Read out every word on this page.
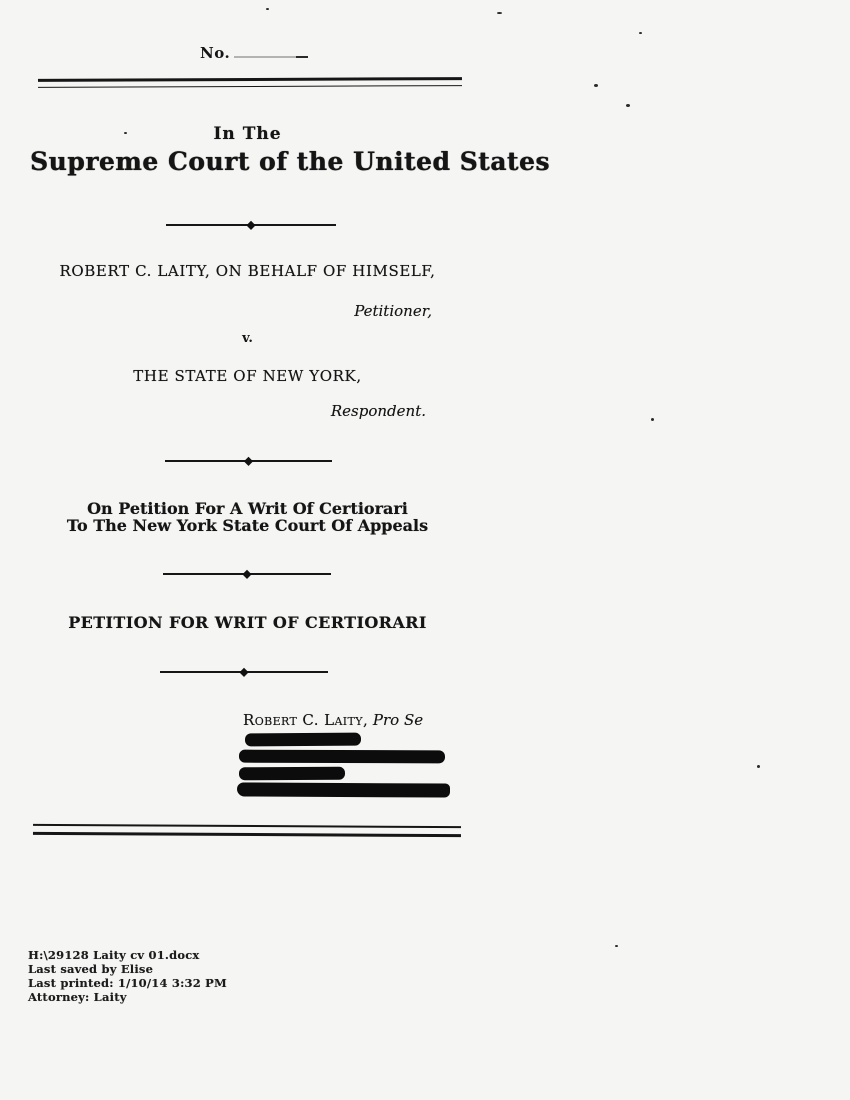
No.
In The
Supreme Court of the United States
◆
ROBERT C. LAITY, ON BEHALF OF HIMSELF,
Petitioner,
v.
THE STATE OF NEW YORK,
Respondent.
◆
On Petition For A Writ Of Certiorari
To The New York State Court Of Appeals
◆
PETITION FOR WRIT OF CERTIORARI
◆
Robert C. Laity, Pro Se
H:\29128 Laity cv 01.docx
Last saved by Elise
Last printed: 1/10/14 3:32 PM
Attorney: Laity
